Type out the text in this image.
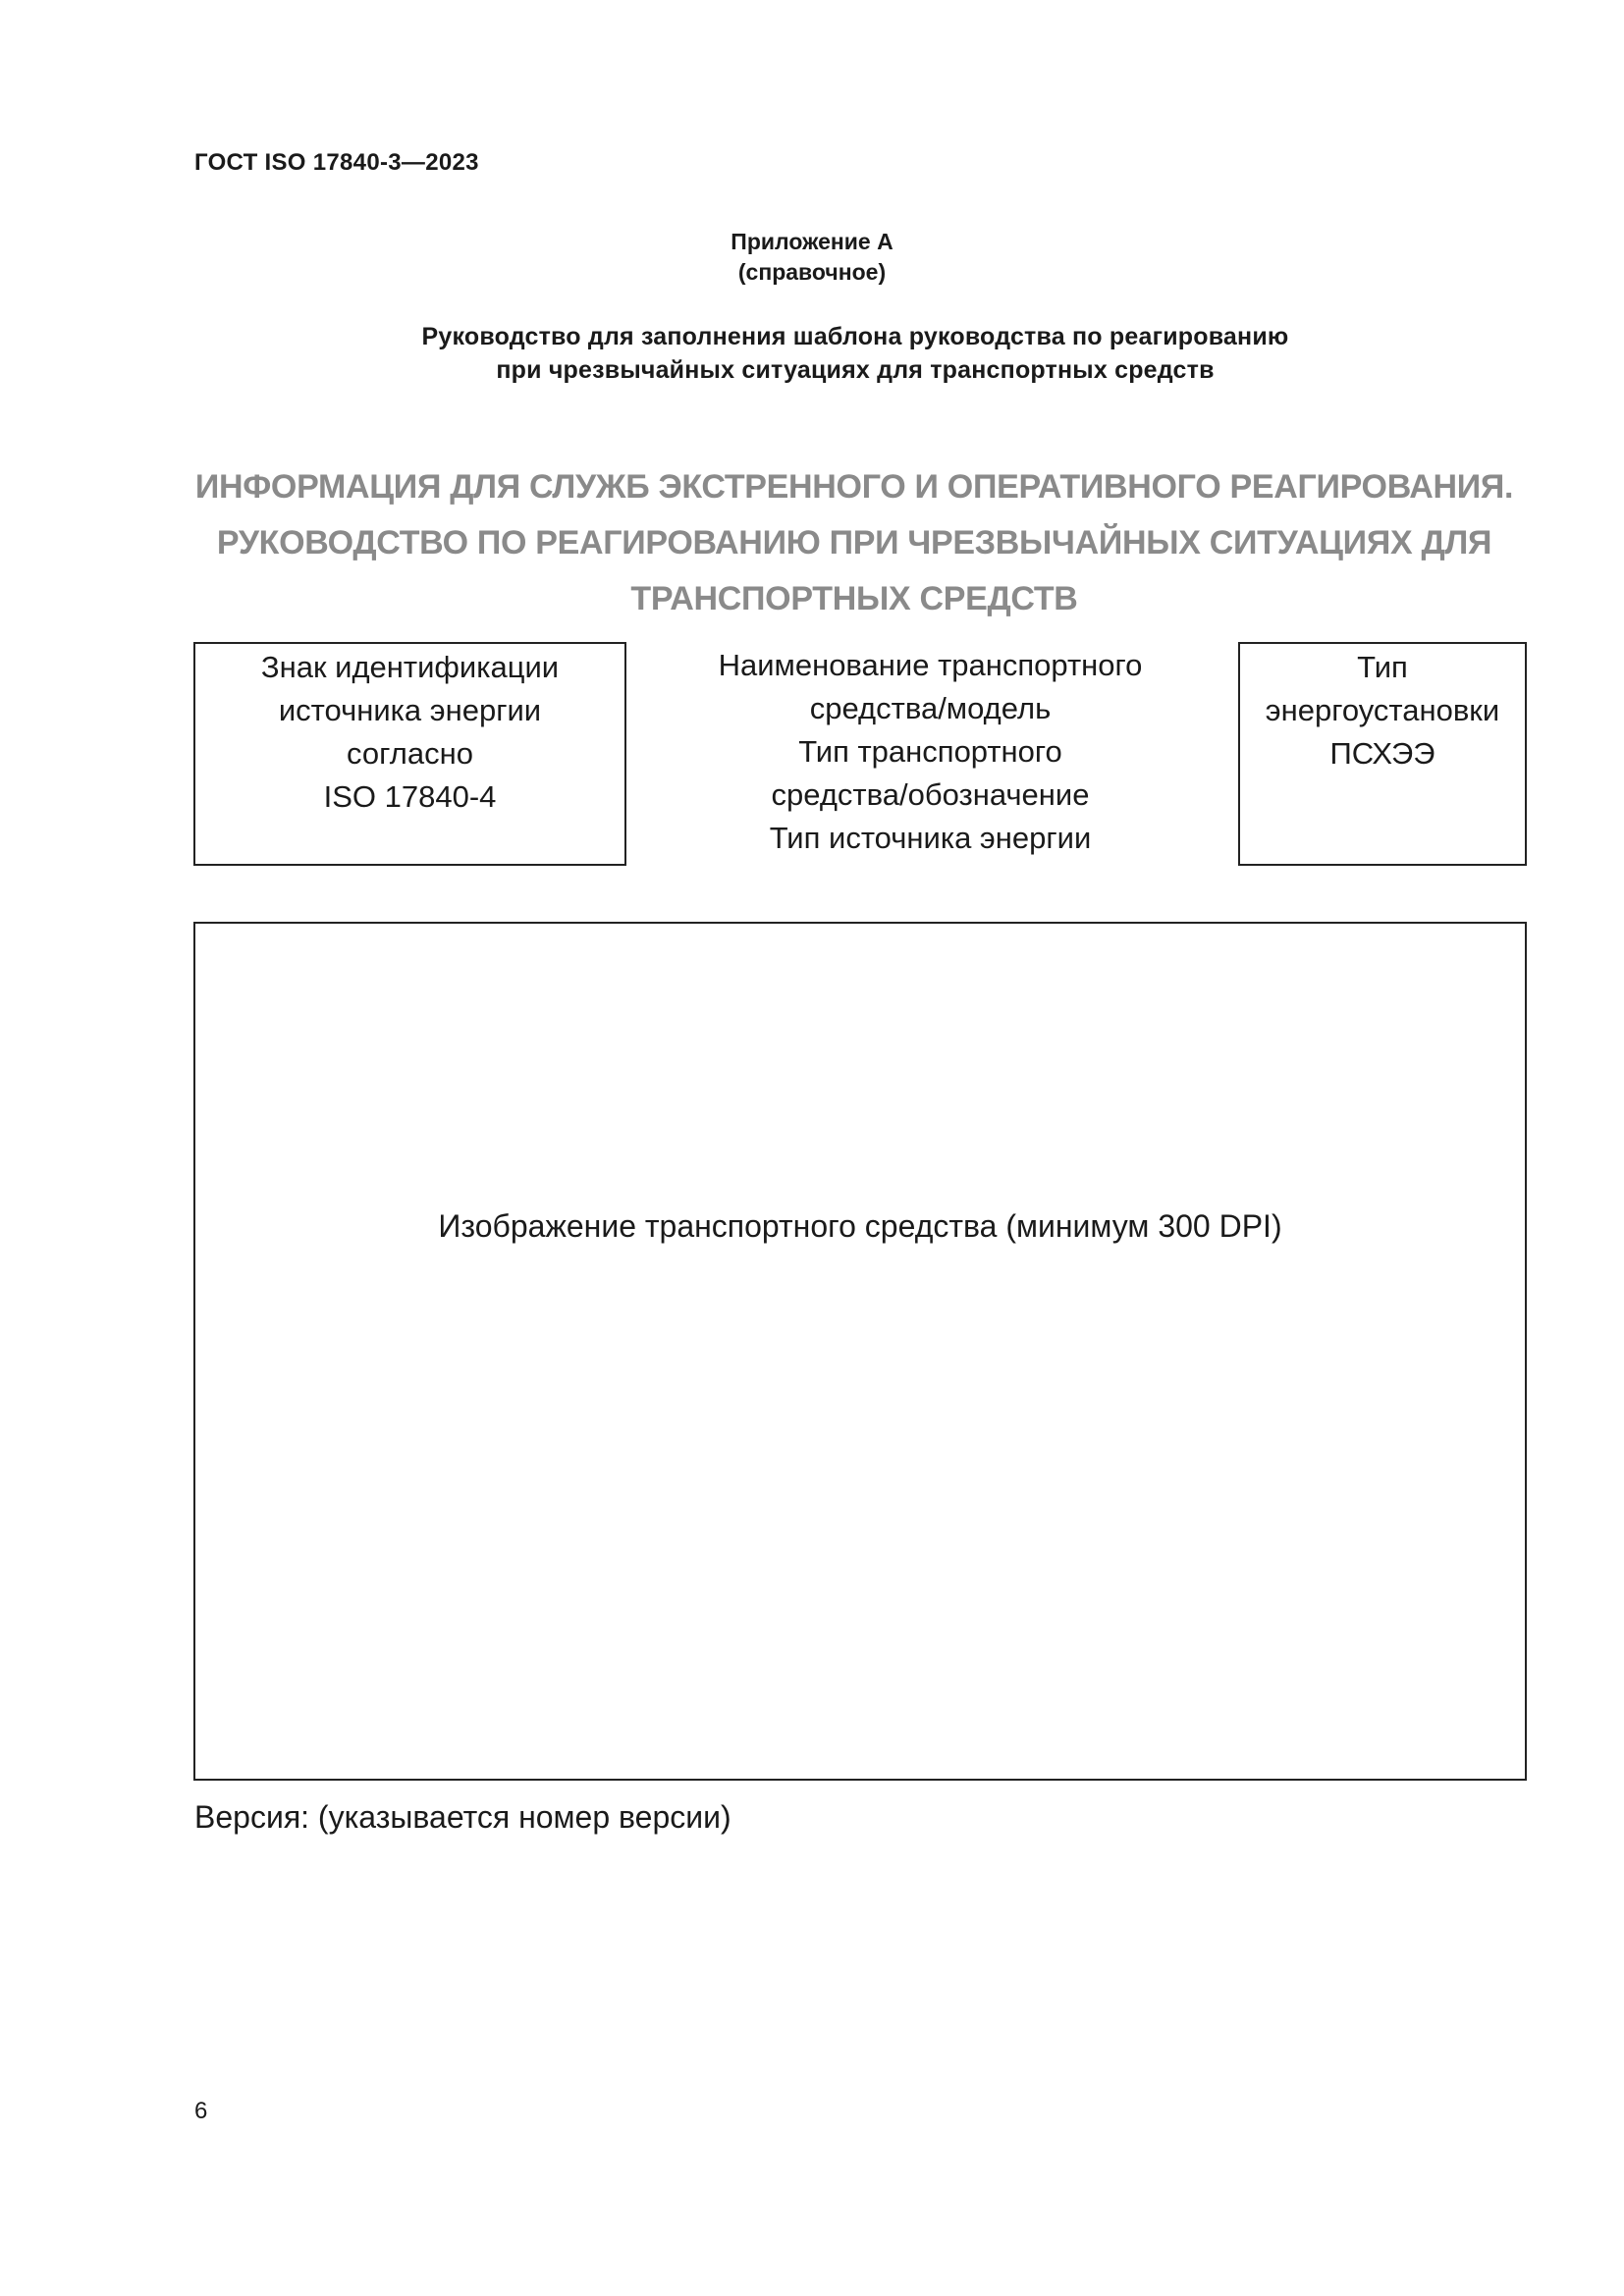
ГОСТ ISO 17840-3—2023
Приложение А
(справочное)
Руководство для заполнения шаблона руководства по реагированию
при чрезвычайных ситуациях для транспортных средств
ИНФОРМАЦИЯ ДЛЯ СЛУЖБ ЭКСТРЕННОГО И ОПЕРАТИВНОГО РЕАГИРОВАНИЯ.
РУКОВОДСТВО ПО РЕАГИРОВАНИЮ ПРИ ЧРЕЗВЫЧАЙНЫХ СИТУАЦИЯХ ДЛЯ
ТРАНСПОРТНЫХ СРЕДСТВ
Знак идентификации
источника энергии
согласно
ISO 17840-4
Наименование транспортного
средства/модель
Тип транспортного
средства/обозначение
Тип источника энергии
Тип
энергоустановки
ПСХЭЭ
Изображение транспортного средства (минимум 300 DPI)
Версия: (указывается номер версии)
6
